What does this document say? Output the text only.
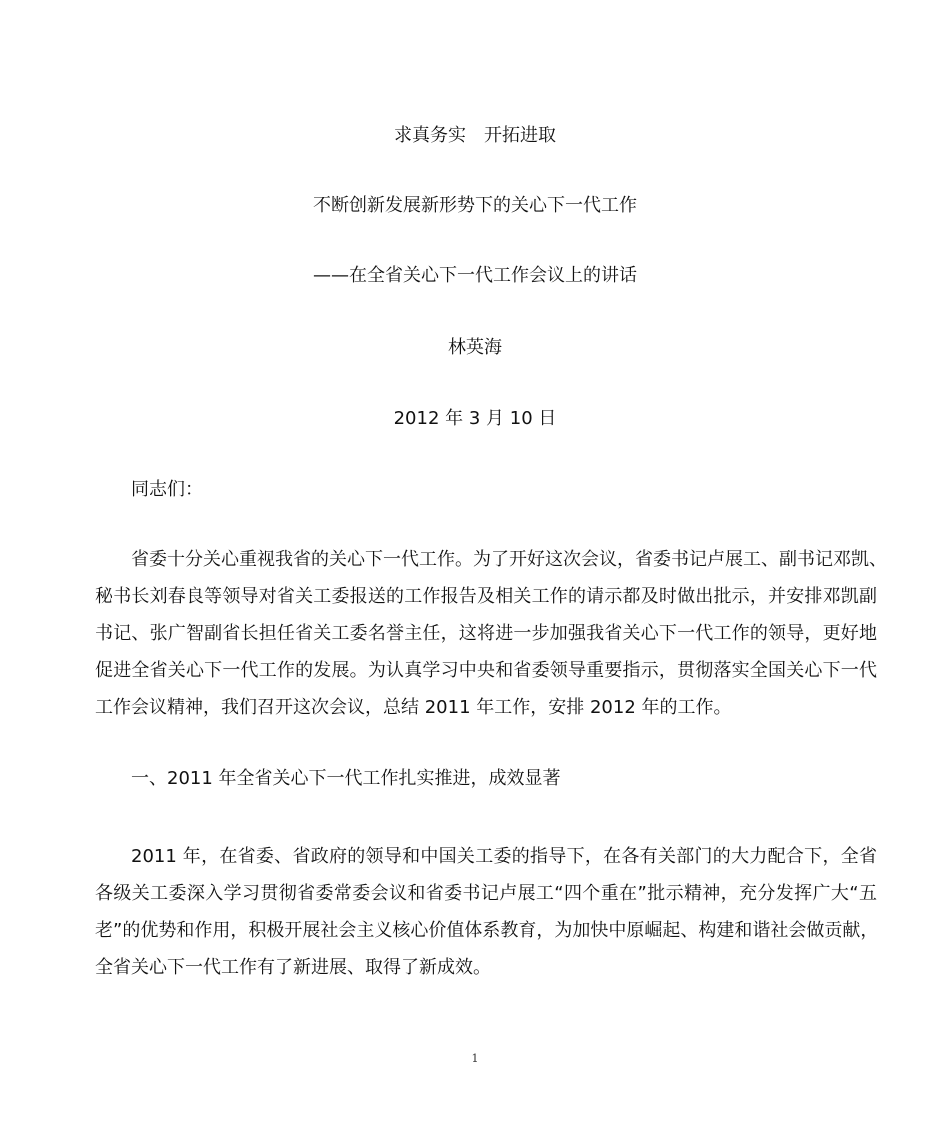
求真务实　开拓进取
不断创新发展新形势下的关心下一代工作
——在全省关心下一代工作会议上的讲话
林英海
2012 年 3 月 10 日
同志们：
省委十分关心重视我省的关心下一代工作。为了开好这次会议，省委书记卢展工、副书记邓凯、
秘书长刘春良等领导对省关工委报送的工作报告及相关工作的请示都及时做出批示，并安排邓凯副
书记、张广智副省长担任省关工委名誉主任，这将进一步加强我省关心下一代工作的领导，更好地
促进全省关心下一代工作的发展。为认真学习中央和省委领导重要指示，贯彻落实全国关心下一代
工作会议精神，我们召开这次会议，总结 2011 年工作，安排 2012 年的工作。
一、2011 年全省关心下一代工作扎实推进，成效显著
2011 年，在省委、省政府的领导和中国关工委的指导下，在各有关部门的大力配合下，全省
各级关工委深入学习贯彻省委常委会议和省委书记卢展工“四个重在”批示精神，充分发挥广大“五
老”的优势和作用，积极开展社会主义核心价值体系教育，为加快中原崛起、构建和谐社会做贡献，
全省关心下一代工作有了新进展、取得了新成效。
1
